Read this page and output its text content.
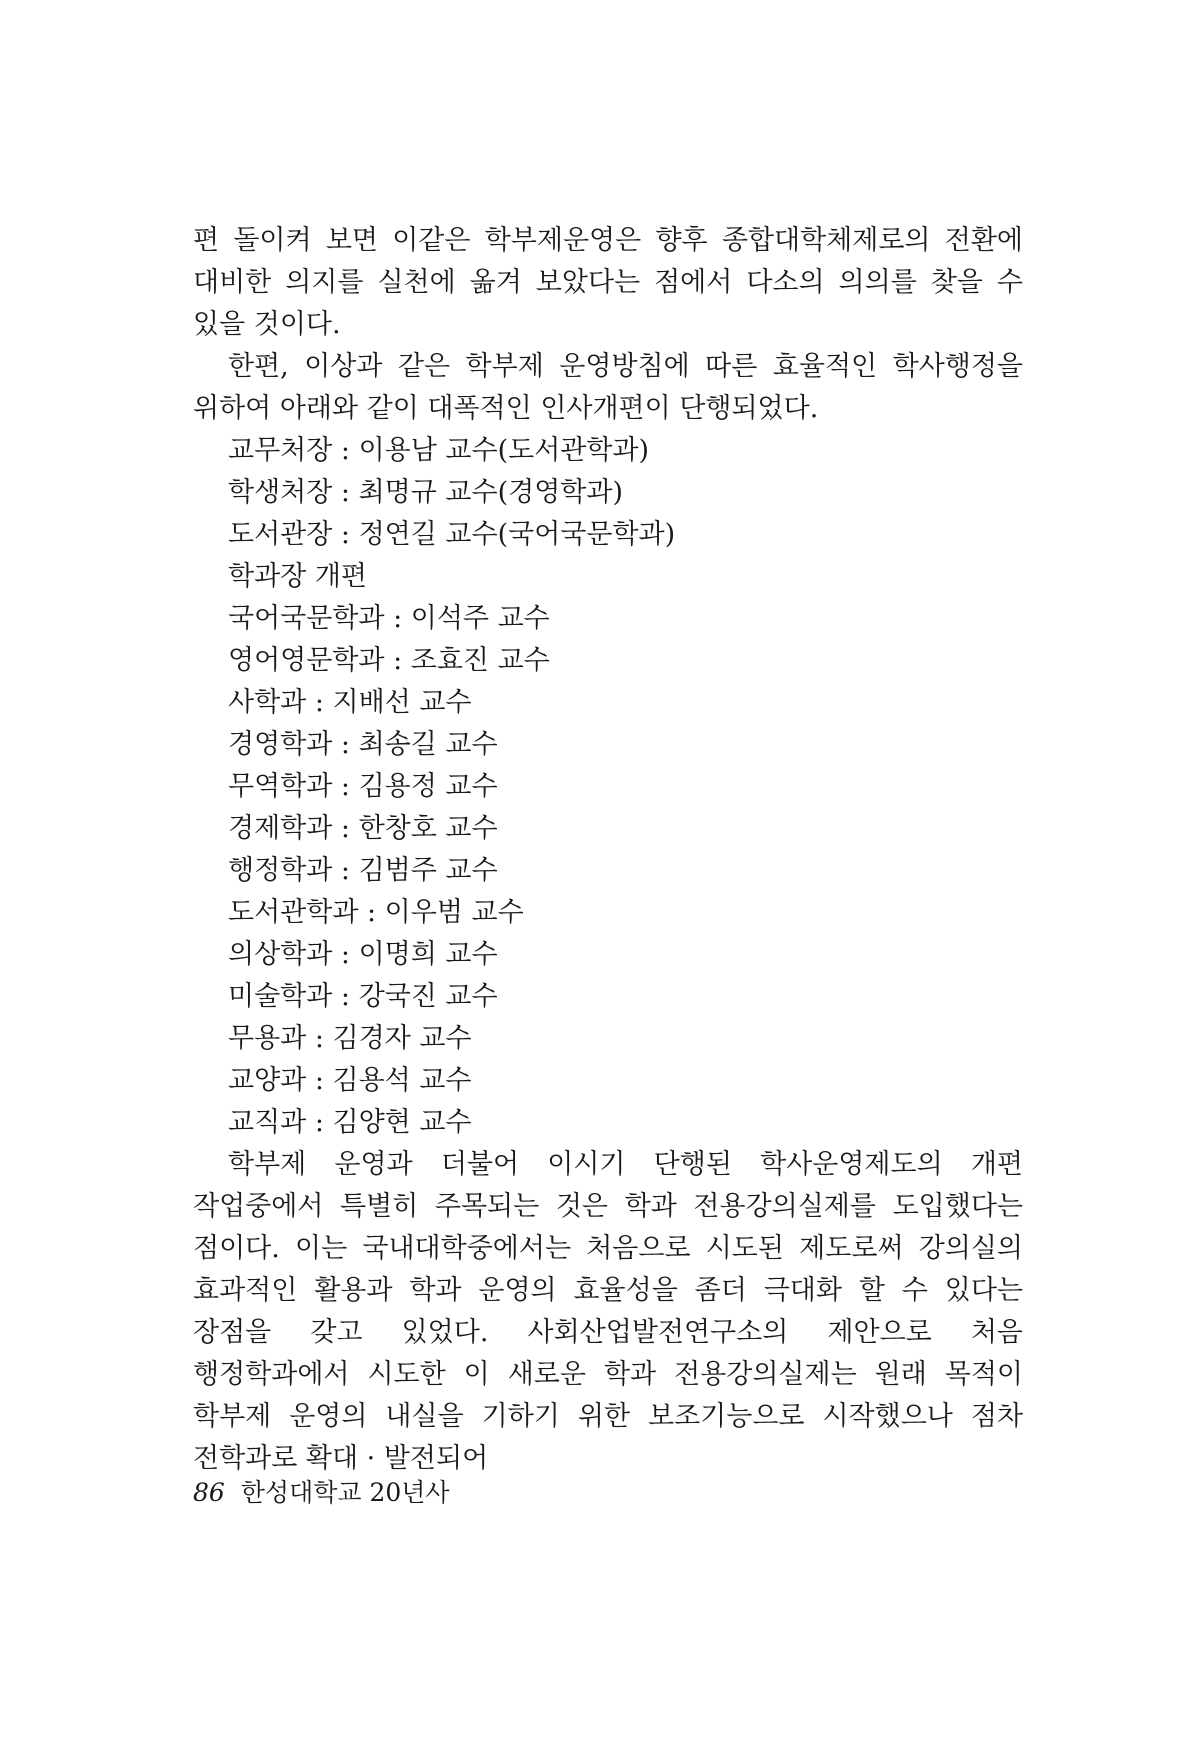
편 돌이켜 보면 이같은 학부제운영은 향후 종합대학체제로의 전환에 대비한 의지를 실천에 옮겨 보았다는 점에서 다소의 의의를 찾을 수 있을 것이다.

한편, 이상과 같은 학부제 운영방침에 따른 효율적인 학사행정을 위하여 아래와 같이 대폭적인 인사개편이 단행되었다.

교무처장 : 이용남 교수(도서관학과)
학생처장 : 최명규 교수(경영학과)
도서관장 : 정연길 교수(국어국문학과)
학과장 개편
국어국문학과 : 이석주 교수
영어영문학과 : 조효진 교수
사학과 : 지배선 교수
경영학과 : 최송길 교수
무역학과 : 김용정 교수
경제학과 : 한창호 교수
행정학과 : 김범주 교수
도서관학과 : 이우범 교수
의상학과 : 이명희 교수
미술학과 : 강국진 교수
무용과 : 김경자 교수
교양과 : 김용석 교수
교직과 : 김양현 교수

학부제 운영과 더불어 이시기 단행된 학사운영제도의 개편 작업중에서 특별히 주목되는 것은 학과 전용강의실제를 도입했다는 점이다. 이는 국내대학중에서는 처음으로 시도된 제도로써 강의실의 효과적인 활용과 학과 운영의 효율성을 좀더 극대화 할 수 있다는 장점을 갖고 있었다. 사회산업발전연구소의 제안으로 처음 행정학과에서 시도한 이 새로운 학과 전용강의실제는 원래 목적이 학부제 운영의 내실을 기하기 위한 보조기능으로 시작했으나 점차 전학과로 확대 · 발전되어

86 한성대학교 20년사
